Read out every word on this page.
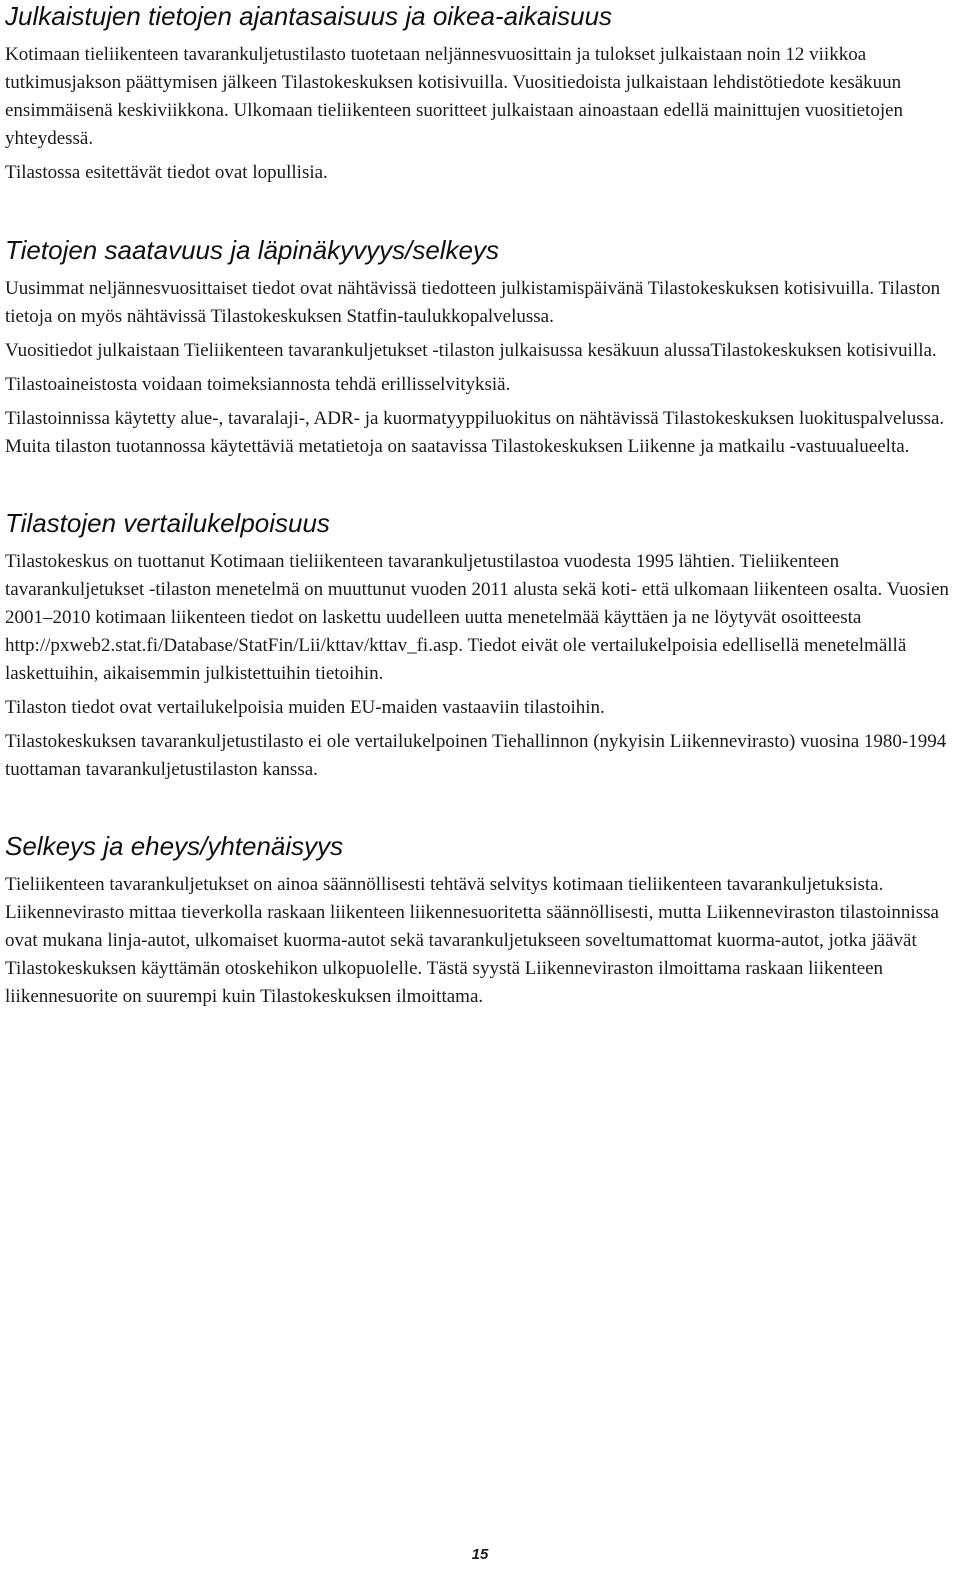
Julkaistujen tietojen ajantasaisuus ja oikea-aikaisuus

Kotimaan tieliikenteen tavarankuljetustilasto tuotetaan neljännesvuosittain ja tulokset julkaistaan noin 12 viikkoa tutkimusjakson päättymisen jälkeen Tilastokeskuksen kotisivuilla. Vuositiedoista julkaistaan lehdistötiedote kesäkuun ensimmäisenä keskiviikkona. Ulkomaan tieliikenteen suoritteet julkaistaan ainoastaan edellä mainittujen vuositietojen yhteydessä.

Tilastossa esitettävät tiedot ovat lopullisia.

Tietojen saatavuus ja läpinäkyvyys/selkeys

Uusimmat neljännesvuosittaiset tiedot ovat nähtävissä tiedotteen julkistamispäivänä Tilastokeskuksen kotisivuilla. Tilaston tietoja on myös nähtävissä Tilastokeskuksen Statfin-taulukkopalvelussa.

Vuositiedot julkaistaan Tieliikenteen tavarankuljetukset -tilaston julkaisussa kesäkuun alussaTilastokeskuksen kotisivuilla.

Tilastoaineistosta voidaan toimeksiannosta tehdä erillisselvityksiä.

Tilastoinnissa käytetty alue-, tavaralaji-, ADR- ja kuormatyyppiluokitus on nähtävissä Tilastokeskuksen luokituspalvelussa. Muita tilaston tuotannossa käytettäviä metatietoja on saatavissa Tilastokeskuksen Liikenne ja matkailu -vastuualueelta.

Tilastojen vertailukelpoisuus

Tilastokeskus on tuottanut Kotimaan tieliikenteen tavarankuljetustilastoa vuodesta 1995 lähtien. Tieliikenteen tavarankuljetukset -tilaston menetelmä on muuttunut vuoden 2011 alusta sekä koti- että ulkomaan liikenteen osalta. Vuosien 2001–2010 kotimaan liikenteen tiedot on laskettu uudelleen uutta menetelmää käyttäen ja ne löytyvät osoitteesta http://pxweb2.stat.fi/Database/StatFin/Lii/kttav/kttav_fi.asp. Tiedot eivät ole vertailukelpoisia edellisellä menetelmällä laskettuihin, aikaisemmin julkistettuihin tietoihin.

Tilaston tiedot ovat vertailukelpoisia muiden EU-maiden vastaaviin tilastoihin.

Tilastokeskuksen tavarankuljetustilasto ei ole vertailukelpoinen Tiehallinnon (nykyisin Liikennevirasto) vuosina 1980-1994 tuottaman tavarankuljetustilaston kanssa.

Selkeys ja eheys/yhtenäisyys

Tieliikenteen tavarankuljetukset on ainoa säännöllisesti tehtävä selvitys kotimaan tieliikenteen tavarankuljetuksista. Liikennevirasto mittaa tieverkolla raskaan liikenteen liikennesuoritetta säännöllisesti, mutta Liikenneviraston tilastoinnissa ovat mukana linja-autot, ulkomaiset kuorma-autot sekä tavarankuljetukseen soveltumattomat kuorma-autot, jotka jäävät Tilastokeskuksen käyttämän otoskehikon ulkopuolelle. Tästä syystä Liikenneviraston ilmoittama raskaan liikenteen liikennesuorite on suurempi kuin Tilastokeskuksen ilmoittama.

15
